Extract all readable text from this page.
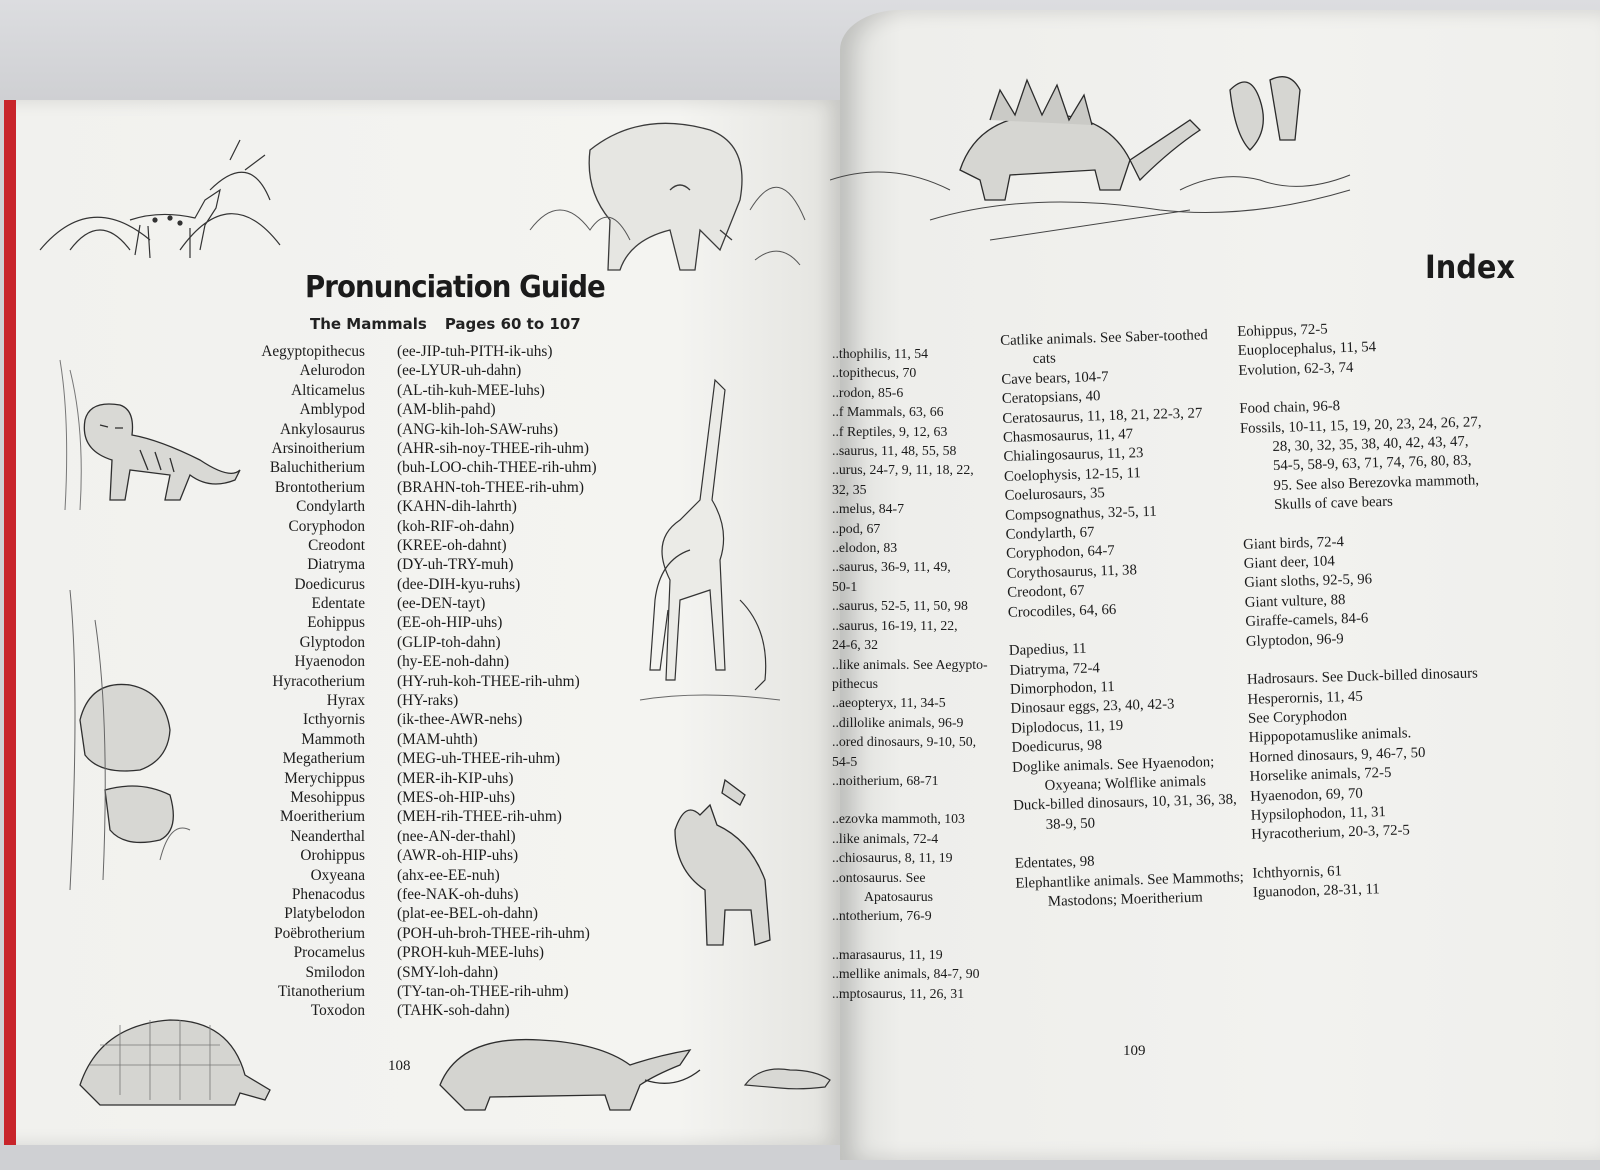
Pronunciation Guide
The Mammals Pages 60 to 107
Aegyptopithecus	(ee-JIP-tuh-PITH-ik-uhs)
Aelurodon	(ee-LYUR-uh-dahn)
Alticamelus	(AL-tih-kuh-MEE-luhs)
Amblypod	(AM-blih-pahd)
Ankylosaurus	(ANG-kih-loh-SAW-ruhs)
Arsinoitherium	(AHR-sih-noy-THEE-rih-uhm)
Baluchitherium	(buh-LOO-chih-THEE-rih-uhm)
Brontotherium	(BRAHN-toh-THEE-rih-uhm)
Condylarth	(KAHN-dih-lahrth)
Coryphodon	(koh-RIF-oh-dahn)
Creodont	(KREE-oh-dahnt)
Diatryma	(DY-uh-TRY-muh)
Doedicurus	(dee-DIH-kyu-ruhs)
Edentate	(ee-DEN-tayt)
Eohippus	(EE-oh-HIP-uhs)
Glyptodon	(GLIP-toh-dahn)
Hyaenodon	(hy-EE-noh-dahn)
Hyracotherium	(HY-ruh-koh-THEE-rih-uhm)
Hyrax	(HY-raks)
Icthyornis	(ik-thee-AWR-nehs)
Mammoth	(MAM-uhth)
Megatherium	(MEG-uh-THEE-rih-uhm)
Merychippus	(MER-ih-KIP-uhs)
Mesohippus	(MES-oh-HIP-uhs)
Moeritherium	(MEH-rih-THEE-rih-uhm)
Neanderthal	(nee-AN-der-thahl)
Orohippus	(AWR-oh-HIP-uhs)
Oxyeana	(ahx-ee-EE-nuh)
Phenacodus	(fee-NAK-oh-duhs)
Platybelodon	(plat-ee-BEL-oh-dahn)
Poëbrotherium	(POH-uh-broh-THEE-rih-uhm)
Procamelus	(PROH-kuh-MEE-luhs)
Smilodon	(SMY-loh-dahn)
Titanotherium	(TY-tan-oh-THEE-rih-uhm)
Toxodon	(TAHK-soh-dahn)
108
Index
..thophilis, 11, 54
..topithecus, 70
..rodon, 85-6
..f Mammals, 63, 66
..f Reptiles, 9, 12, 63
..saurus, 11, 48, 55, 58
..urus, 24-7, 9, 11, 18, 22,
32, 35
..melus, 84-7
..pod, 67
..elodon, 83
..saurus, 36-9, 11, 49,
50-1
..saurus, 52-5, 11, 50, 98
..saurus, 16-19, 11, 22,
24-6, 32
..like animals. See Aegypto-
pithecus
..aeopteryx, 11, 34-5
..dillolike animals, 96-9
..ored dinosaurs, 9-10, 50,
54-5
..noitherium, 68-71
..ezovka mammoth, 103
..like animals, 72-4
..chiosaurus, 8, 11, 19
..ontosaurus. See Apatosaurus
..ntotherium, 76-9
..marasaurus, 11, 19
..mellike animals, 84-7, 90
..mptosaurus, 11, 26, 31
Catlike animals. See Saber-toothed cats
Cave bears, 104-7
Ceratopsians, 40
Ceratosaurus, 11, 18, 21, 22-3, 27
Chasmosaurus, 11, 47
Chialingosaurus, 11, 23
Coelophysis, 12-15, 11
Coelurosaurs, 35
Compsognathus, 32-5, 11
Condylarth, 67
Coryphodon, 64-7
Corythosaurus, 11, 38
Creodont, 67
Crocodiles, 64, 66
Dapedius, 11
Diatryma, 72-4
Dimorphodon, 11
Dinosaur eggs, 23, 40, 42-3
Diplodocus, 11, 19
Doedicurus, 98
Doglike animals. See Hyaenodon; Oxyeana; Wolflike animals
Duck-billed dinosaurs, 10, 31, 36, 38, 38-9, 50
Edentates, 98
Elephantlike animals. See Mammoths; Mastodons; Moeritherium
Eohippus, 72-5
Euoplocephalus, 11, 54
Evolution, 62-3, 74
Food chain, 96-8
Fossils, 10-11, 15, 19, 20, 23, 24, 26, 27, 28, 30, 32, 35, 38, 40, 42, 43, 47, 54-5, 58-9, 63, 71, 74, 76, 80, 83, 95. See also Berezovka mammoth, Skulls of cave bears
Giant birds, 72-4
Giant deer, 104
Giant sloths, 92-5, 96
Giant vulture, 88
Giraffe-camels, 84-6
Glyptodon, 96-9
Hadrosaurs. See Duck-billed dinosaurs
Hesperornis, 11, 45
See Coryphodon
Hippopotamuslike animals.
Horned dinosaurs, 9, 46-7, 50
Horselike animals, 72-5
Hyaenodon, 69, 70
Hypsilophodon, 11, 31
Hyracotherium, 20-3, 72-5
Ichthyornis, 61
Iguanodon, 28-31, 11
109
